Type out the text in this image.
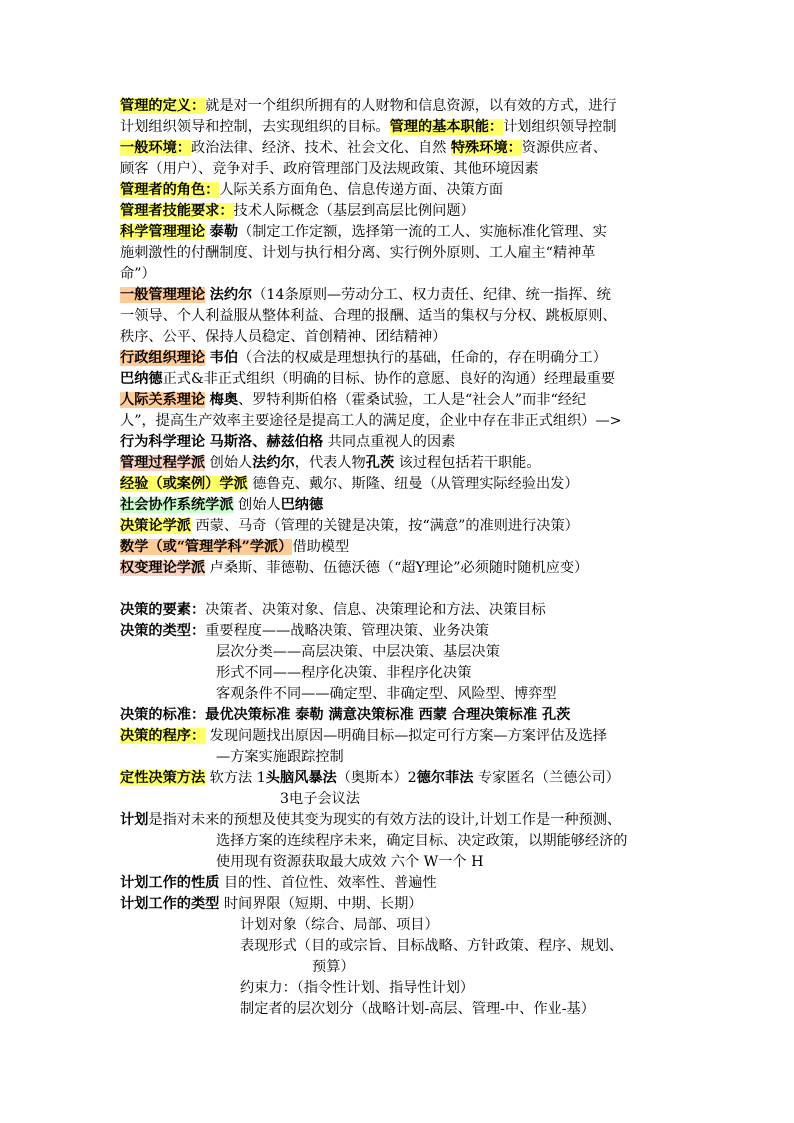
管理的定义：就是对一个组织所拥有的人财物和信息资源，以有效的方式，进行
计划组织领导和控制，去实现组织的目标。管理的基本职能：计划组织领导控制
一般环境：政治法律、经济、技术、社会文化、自然 特殊环境：资源供应者、
顾客（用户）、竞争对手、政府管理部门及法规政策、其他环境因素
管理者的角色：人际关系方面角色、信息传递方面、决策方面
管理者技能要求：技术人际概念（基层到高层比例问题）
科学管理理论 泰勒（制定工作定额，选择第一流的工人、实施标准化管理、实
施刺激性的付酬制度、计划与执行相分离、实行例外原则、工人雇主“精神革
命”）
一般管理理论 法约尔（14条原则—劳动分工、权力责任、纪律、统一指挥、统
一领导、个人利益服从整体利益、合理的报酬、适当的集权与分权、跳板原则、
秩序、公平、保持人员稳定、首创精神、团结精神）
行政组织理论 韦伯（合法的权威是理想执行的基础，任命的，存在明确分工）
巴纳德正式&非正式组织（明确的目标、协作的意愿、良好的沟通）经理最重要
人际关系理论 梅奥、罗特利斯伯格（霍桑试验，工人是“社会人”而非“经纪
人”，提高生产效率主要途径是提高工人的满足度，企业中存在非正式组织）—>
行为科学理论 马斯洛、赫兹伯格 共同点重视人的因素
管理过程学派 创始人法约尔，代表人物孔茨 该过程包括若干职能。
经验（或案例）学派 德鲁克、戴尔、斯隆、纽曼（从管理实际经验出发）
社会协作系统学派 创始人巴纳德
决策论学派 西蒙、马奇（管理的关键是决策，按“满意”的准则进行决策）
数学（或“管理学科”学派）借助模型
权变理论学派 卢桑斯、菲德勒、伍德沃德（“超Y理论”必须随时随机应变）
决策的要素：决策者、决策对象、信息、决策理论和方法、决策目标
决策的类型：重要程度——战略决策、管理决策、业务决策
层次分类——高层决策、中层决策、基层决策
形式不同——程序化决策、非程序化决策
客观条件不同——确定型、非确定型、风险型、博弈型
决策的标准：最优决策标准 泰勒 满意决策标准 西蒙 合理决策标准 孔茨
决策的程序： 发现问题找出原因—明确目标—拟定可行方案—方案评估及选择
—方案实施跟踪控制
定性决策方法 软方法 1头脑风暴法（奥斯本）2德尔菲法 专家匿名（兰德公司）
3电子会议法
计划是指对未来的预想及使其变为现实的有效方法的设计,计划工作是一种预测、
选择方案的连续程序未来，确定目标、决定政策，以期能够经济的
使用现有资源获取最大成效 六个 W一个 H
计划工作的性质 目的性、首位性、效率性、普遍性
计划工作的类型 时间界限（短期、中期、长期）
计划对象（综合、局部、项目）
表现形式（目的或宗旨、目标战略、方针政策、程序、规划、
预算）
约束力：（指令性计划、指导性计划）
制定者的层次划分（战略计划-高层、管理-中、作业-基）
